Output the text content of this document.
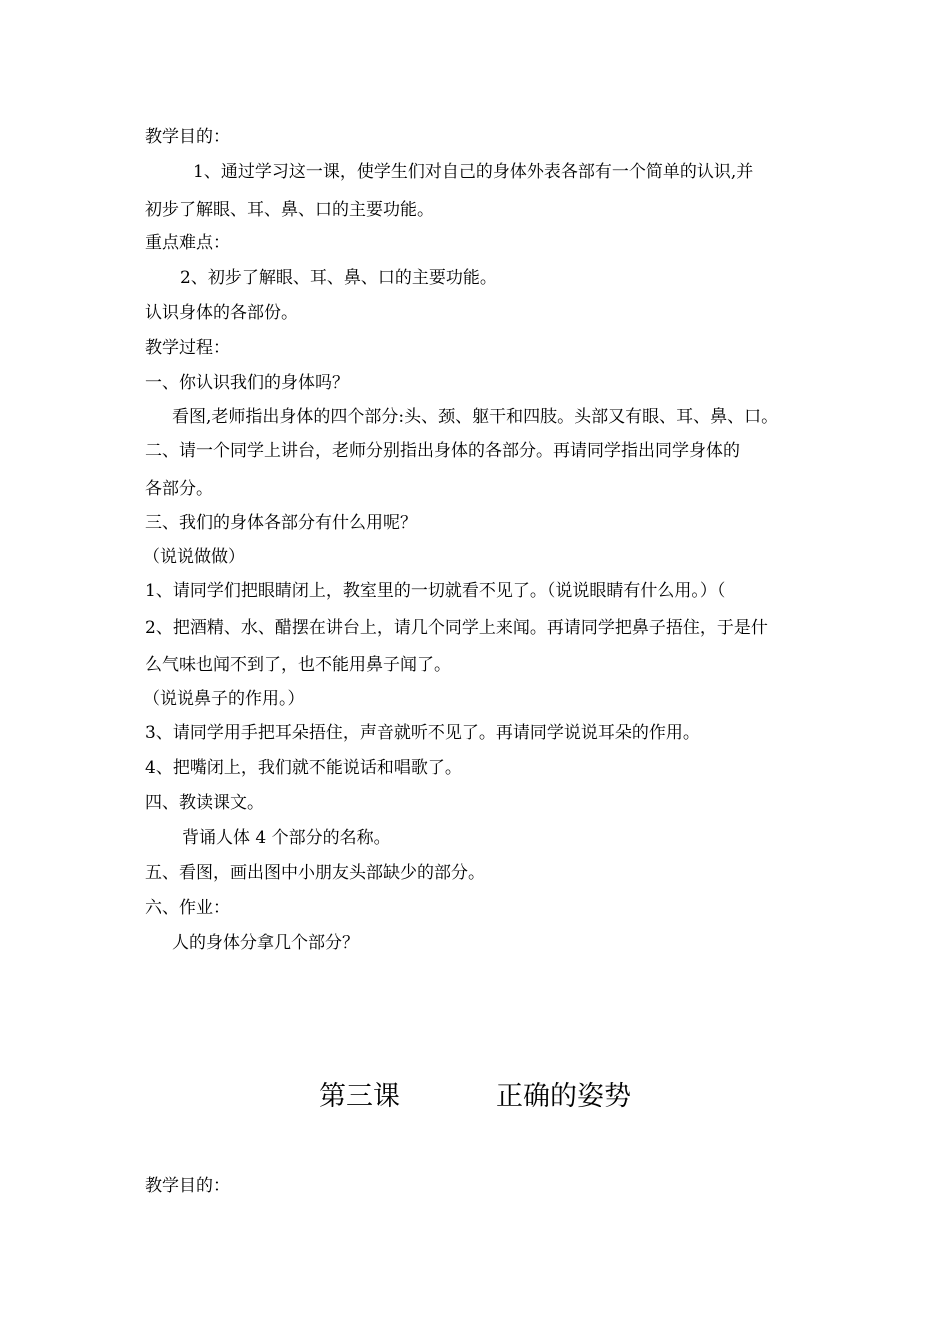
教学目的：
1、通过学习这一课，使学生们对自己的身体外表各部有一个简单的认识,并
初步了解眼、耳、鼻、口的主要功能。
重点难点：
2、初步了解眼、耳、鼻、口的主要功能。
认识身体的各部份。
教学过程：
一、你认识我们的身体吗？
看图,老师指出身体的四个部分:头、颈、躯干和四肢。头部又有眼、耳、鼻、口。
二、请一个同学上讲台，老师分别指出身体的各部分。再请同学指出同学身体的
各部分。
三、我们的身体各部分有什么用呢？
（说说做做）
1、请同学们把眼睛闭上，教室里的一切就看不见了。（说说眼睛有什么用。）（
2、把酒精、水、醋摆在讲台上，请几个同学上来闻。再请同学把鼻子捂住，于是什
么气味也闻不到了，也不能用鼻子闻了。
（说说鼻子的作用。）
3、请同学用手把耳朵捂住，声音就听不见了。再请同学说说耳朵的作用。
4、把嘴闭上，我们就不能说话和唱歌了。
四、教读课文。
背诵人体 4 个部分的名称。
五、看图，画出图中小朋友头部缺少的部分。
六、作业：
人的身体分拿几个部分？
第三课	正确的姿势
教学目的：
